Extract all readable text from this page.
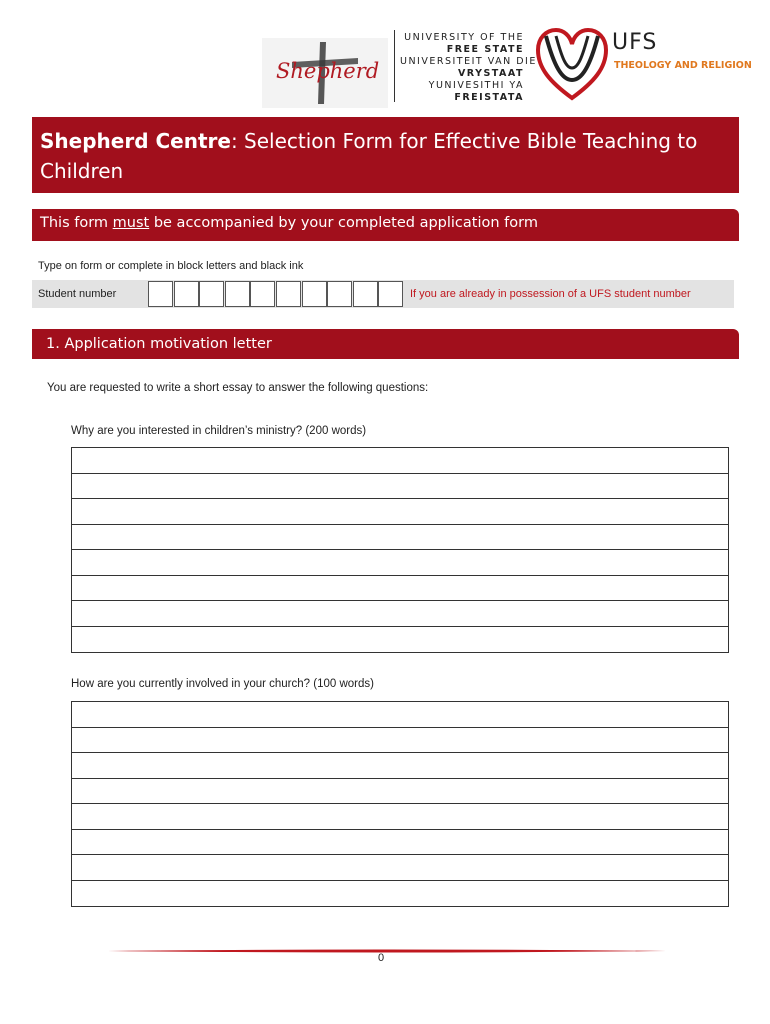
Shepherd
UNIVERSITY OF THE
FREE STATE
UNIVERSITEIT VAN DIE
VRYSTAAT
YUNIVESITHI YA
FREISTATA
UFS
THEOLOGY AND RELIGION
Shepherd Centre: Selection Form for Effective Bible Teaching to Children
This form must be accompanied by your completed application form
Type on form or complete in block letters and black ink
Student number	If you are already in possession of a UFS student number
1. Application motivation letter
You are requested to write a short essay to answer the following questions:
Why are you interested in children’s ministry? (200 words)
How are you currently involved in your church? (100 words)
0
